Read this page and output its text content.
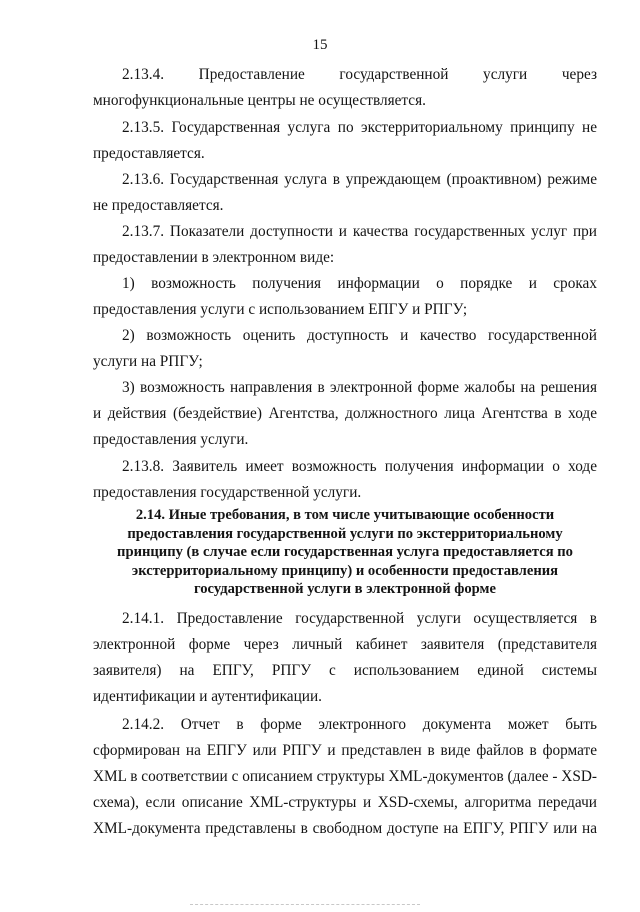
15

2.13.4. Предоставление государственной услуги через многофункциональные центры не осуществляется.

2.13.5. Государственная услуга по экстерриториальному принципу не предоставляется.

2.13.6. Государственная услуга в упреждающем (проактивном) режиме не предоставляется.

2.13.7. Показатели доступности и качества государственных услуг при предоставлении в электронном виде:

1) возможность получения информации о порядке и сроках предоставления услуги с использованием ЕПГУ и РПГУ;

2) возможность оценить доступность и качество государственной услуги на РПГУ;

3) возможность направления в электронной форме жалобы на решения и действия (бездействие) Агентства, должностного лица Агентства в ходе предоставления услуги.

2.13.8. Заявитель имеет возможность получения информации о ходе предоставления государственной услуги.

2.14. Иные требования, в том числе учитывающие особенности предоставления государственной услуги по экстерриториальному принципу (в случае если государственная услуга предоставляется по экстерриториальному принципу) и особенности предоставления государственной услуги в электронной форме

2.14.1. Предоставление государственной услуги осуществляется в электронной форме через личный кабинет заявителя (представителя заявителя) на ЕПГУ, РПГУ с использованием единой системы идентификации и аутентификации.

2.14.2. Отчет в форме электронного документа может быть сформирован на ЕПГУ или РПГУ и представлен в виде файлов в формате XML в соответствии с описанием структуры XML-документов (далее - XSD-схема), если описание XML-структуры и XSD-схемы, алгоритма передачи XML-документа представлены в свободном доступе на ЕПГУ, РПГУ или на
